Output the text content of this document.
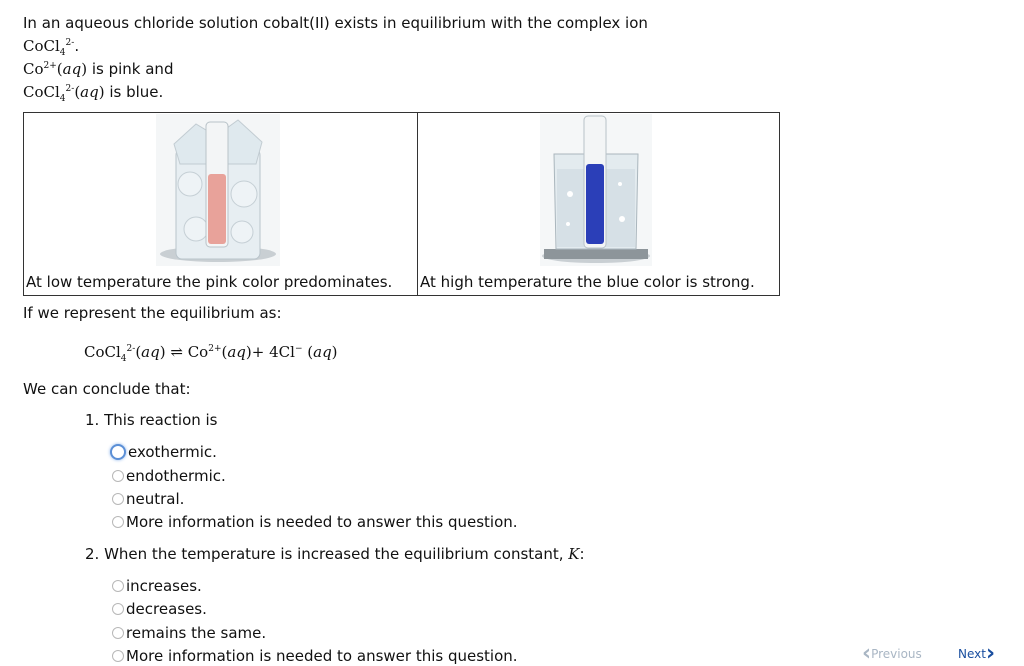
In an aqueous chloride solution cobalt(II) exists in equilibrium with the complex ion

CoCl$_4^{2-}$.

$Co^{2+}(aq)$ is pink and

CoCl$_4^{2-}$(aq) is blue.

At low temperature the pink color predominates.	At high temperature the blue color is strong.
If we represent the equilibrium as:
CoCl$_4^{2-}$(aq) ⇌ $Co^{2+}(aq)+ 4Cl^-$ (aq)
We can conclude that:
1. This reaction is
exothermic.
endothermic.
neutral.
More information is needed to answer this question.
2. When the temperature is increased the equilibrium constant, K:
increases.
decreases.
remains the same.
More information is needed to answer this question.	‹ Previous	Next ›
